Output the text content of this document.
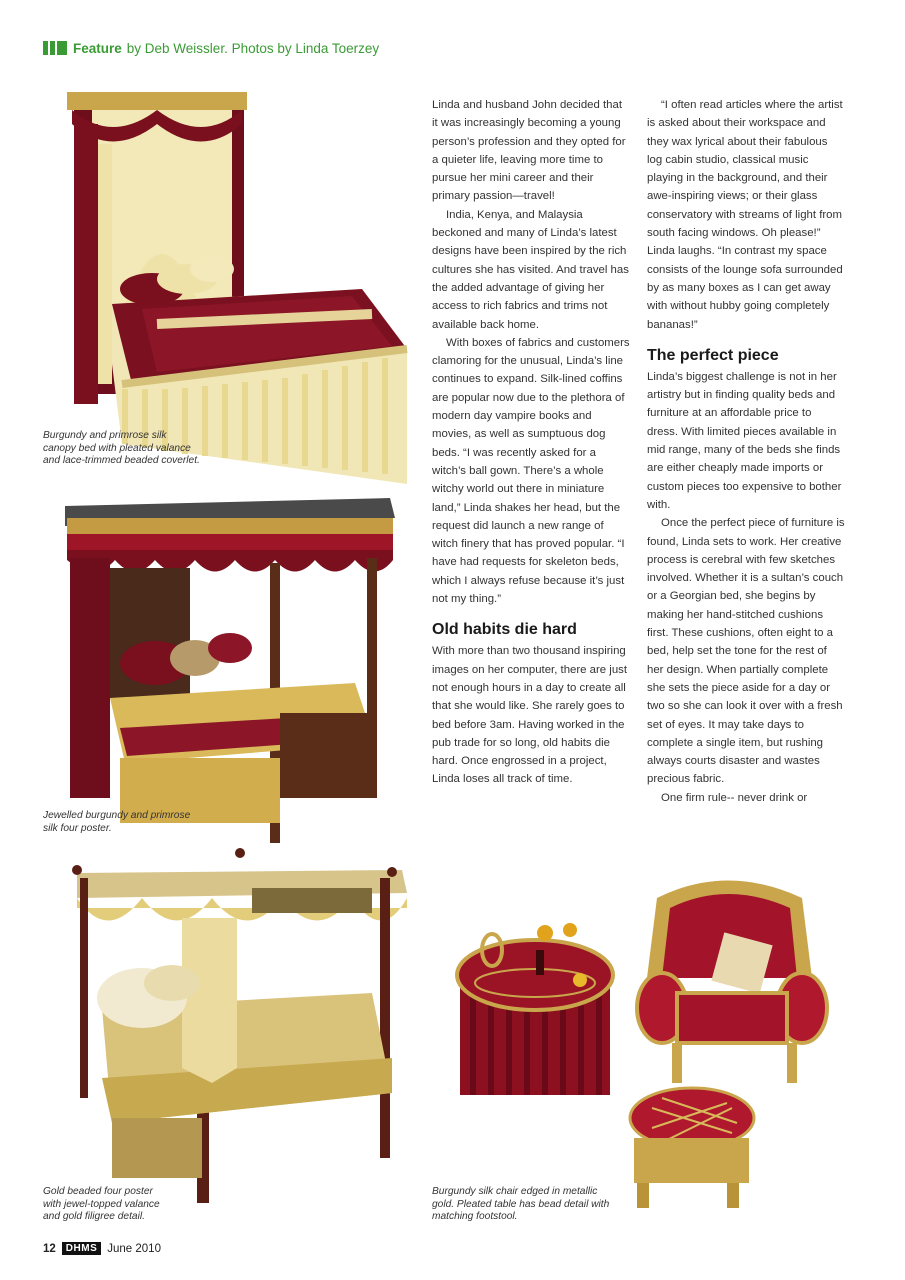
Feature by Deb Weissler. Photos by Linda Toerzey
Burgundy and primrose silk canopy bed with pleated valance and lace-trimmed beaded coverlet.
Jewelled burgundy and primrose silk four poster.
Gold beaded four poster with jewel-topped valance and gold filigree detail.
Burgundy silk chair edged in metallic gold. Pleated table has bead detail with matching footstool.

Linda and husband John decided that it was increasingly becoming a young person’s profession and they opted for a quieter life, leaving more time to pursue her mini career and their primary passion—travel!

India, Kenya, and Malaysia beckoned and many of Linda’s latest designs have been inspired by the rich cultures she has visited. And travel has the added advantage of giving her access to rich fabrics and trims not available back home.

With boxes of fabrics and customers clamoring for the unusual, Linda’s line continues to expand. Silk-lined coffins are popular now due to the plethora of modern day vampire books and movies, as well as sumptuous dog beds. “I was recently asked for a witch’s ball gown. There’s a whole witchy world out there in miniature land,” Linda shakes her head, but the request did launch a new range of witch finery that has proved popular. “I have had requests for skeleton beds, which I always refuse because it’s just not my thing.”

Old habits die hard

With more than two thousand inspiring images on her computer, there are just not enough hours in a day to create all that she would like. She rarely goes to bed before 3am. Having worked in the pub trade for so long, old habits die hard. Once engrossed in a project, Linda loses all track of time.

“I often read articles where the artist is asked about their workspace and they wax lyrical about their fabulous log cabin studio, classical music playing in the background, and their awe-inspiring views; or their glass conservatory with streams of light from south facing windows. Oh please!” Linda laughs. “In contrast my space consists of the lounge sofa surrounded by as many boxes as I can get away with without hubby going completely bananas!”

The perfect piece

Linda’s biggest challenge is not in her artistry but in finding quality beds and furniture at an affordable price to dress. With limited pieces available in mid range, many of the beds she finds are either cheaply made imports or custom pieces too expensive to bother with.

Once the perfect piece of furniture is found, Linda sets to work. Her creative process is cerebral with few sketches involved. Whether it is a sultan’s couch or a Georgian bed, she begins by making her hand-stitched cushions first. These cushions, often eight to a bed, help set the tone for the rest of her design. When partially complete she sets the piece aside for a day or two so she can look it over with a fresh set of eyes. It may take days to complete a single item, but rushing always courts disaster and wastes precious fabric.

One firm rule-- never drink or

12	DHMS June 2010
